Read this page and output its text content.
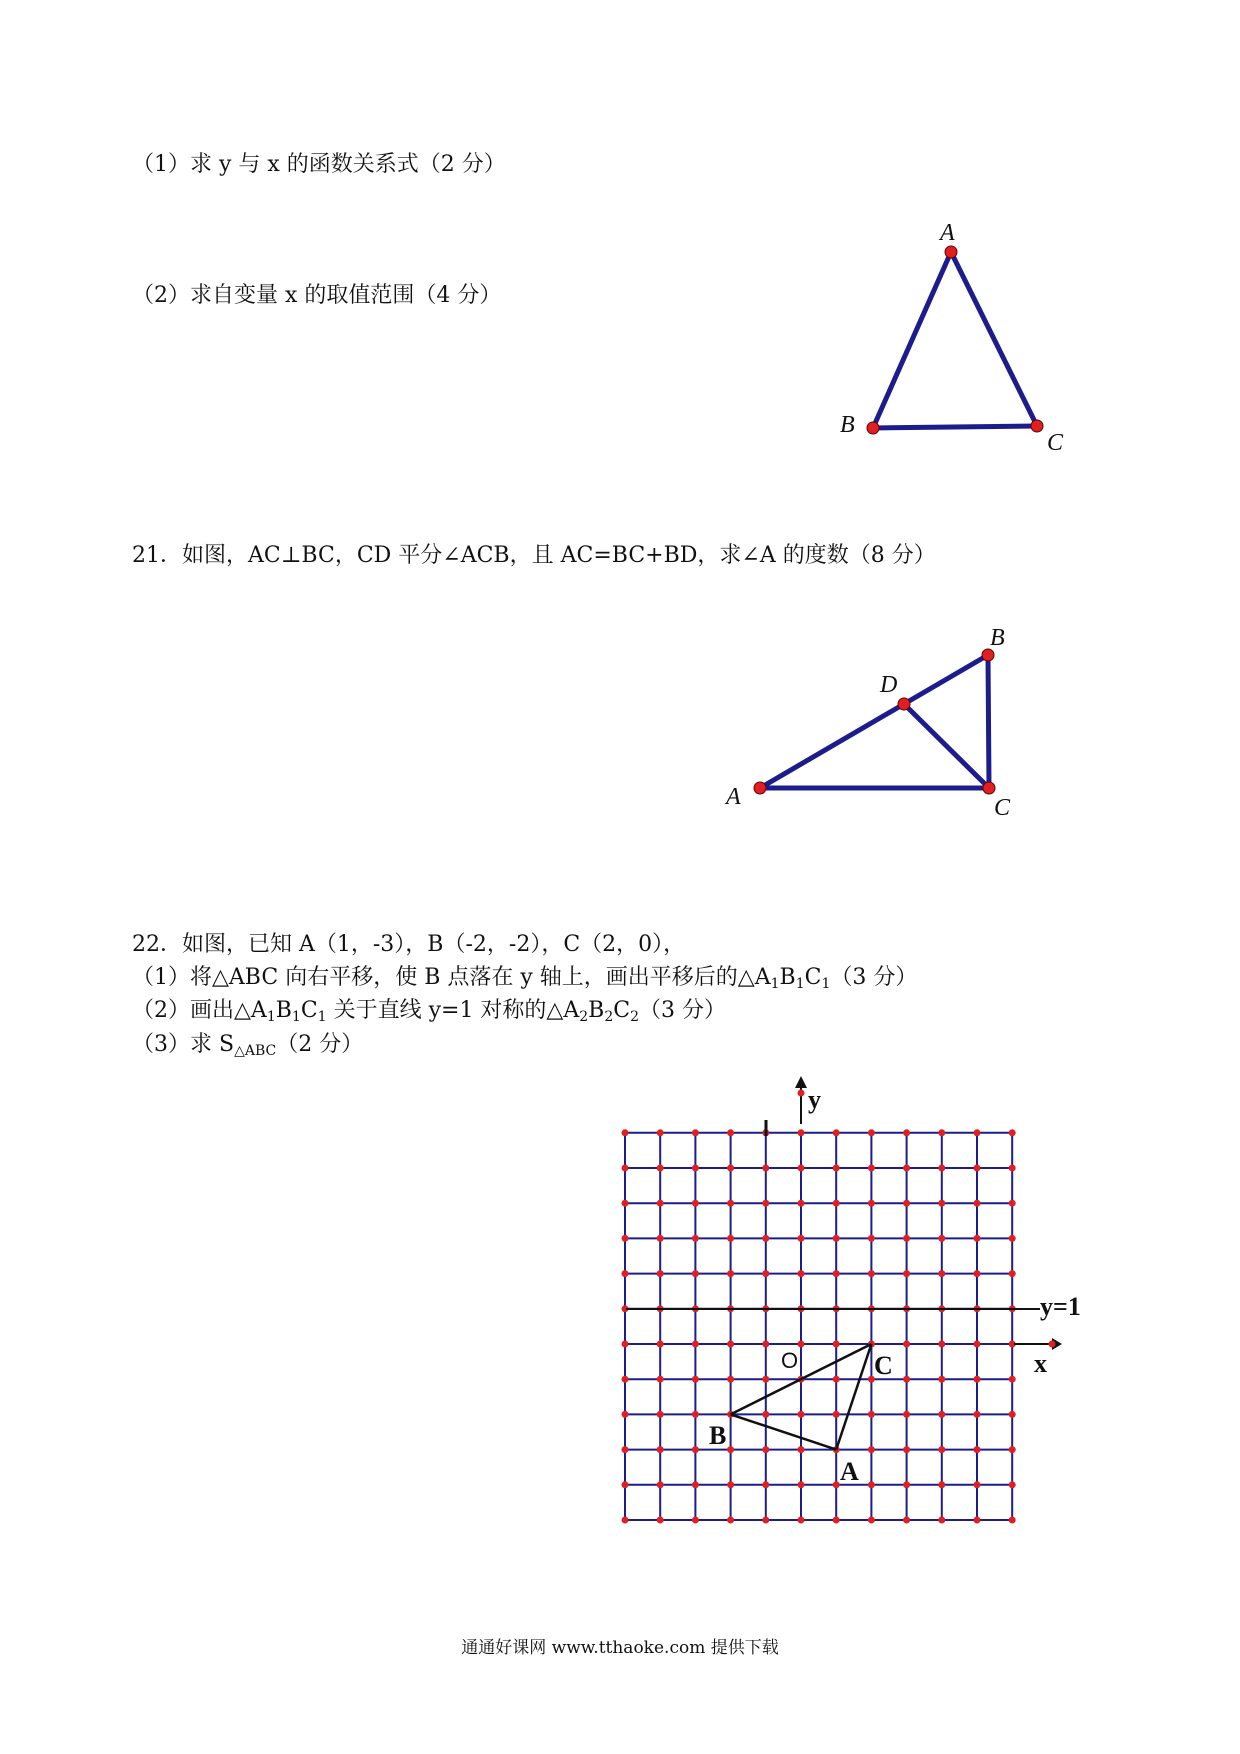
（1）求 y 与 x 的函数关系式（2 分）
（2）求自变量 x 的取值范围（4 分）
A
B
C
A
B
C
D
21．如图，AC⊥BC，CD 平分∠ACB，且 AC=BC+BD，求∠A 的度数（8 分）
22．如图，已知 A（1，-3），B（-2，-2），C（2，0），
（1）将△ABC 向右平移，使 B 点落在 y 轴上，画出平移后的$\triangle A_1B_1C_1(3$ 分）
（2）画出$\triangle A_1B_1C_1$ 关于直线 y=1 对称的$\triangle A_2B_2C_2(3$ 分）
（3）求 $S_{\triangle ABC}(2$ 分）
y
x
y=1
O	C
B
A
通通好课网 www.tthaoke.com 提供下载
